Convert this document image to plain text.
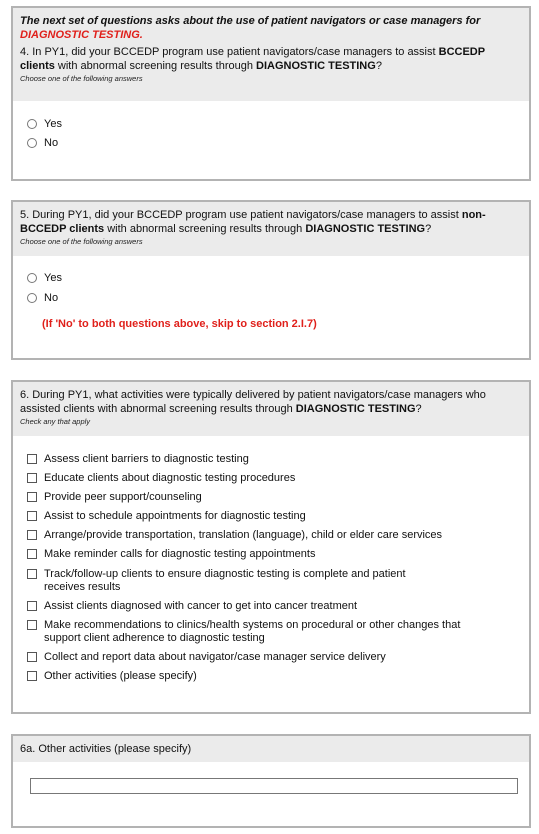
The next set of questions asks about the use of patient navigators or case managers for DIAGNOSTIC TESTING.
4. In PY1, did your BCCEDP program use patient navigators/case managers to assist BCCEDP clients with abnormal screening results through DIAGNOSTIC TESTING?
Choose one of the following answers
Yes
No
5. During PY1, did your BCCEDP program use patient navigators/case managers to assist non-BCCEDP clients with abnormal screening results through DIAGNOSTIC TESTING?
Choose one of the following answers
Yes
No
(If 'No' to both questions above, skip to section 2.I.7)
6. During PY1, what activities were typically delivered by patient navigators/case managers who assisted clients with abnormal screening results through DIAGNOSTIC TESTING?
Check any that apply
Assess client barriers to diagnostic testing
Educate clients about diagnostic testing procedures
Provide peer support/counseling
Assist to schedule appointments for diagnostic testing
Arrange/provide transportation, translation (language), child or elder care services
Make reminder calls for diagnostic testing appointments
Track/follow-up clients to ensure diagnostic testing is complete and patient receives results
Assist clients diagnosed with cancer to get into cancer treatment
Make recommendations to clinics/health systems on procedural or other changes that support client adherence to diagnostic testing
Collect and report data about navigator/case manager service delivery
Other activities (please specify)
6a. Other activities (please specify)
